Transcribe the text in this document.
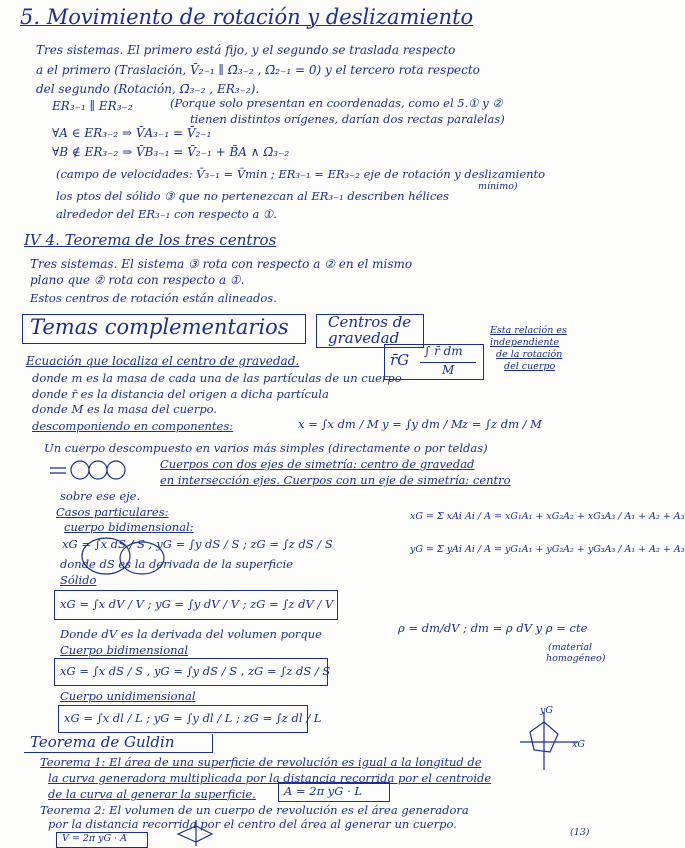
5. Movimiento de rotación y deslizamiento
Tres sistemas. El primero está fijo, y el segundo se traslada respecto
a el primero (Traslación, V̄₂₋₁ ∥ Ω̄₃₋₂ , Ω̄₂₋₁ = 0) y el tercero rota respecto
del segundo (Rotación, Ω̄₃₋₂ , ER₃₋₂).
ER₃₋₁ ∥ ER₃₋₂	(Porque solo presentan en coordenadas, como el 5.① y ②
tienen distintos orígenes, darían dos rectas paralelas)
∀A ∈ ER₃₋₂ ⇒ V̄A₃₋₁ = V̄₂₋₁
∀B ∉ ER₃₋₂ ⇒ V̄B₃₋₁ = V̄₂₋₁ + B̄A ∧ Ω̄₃₋₂
(campo de velocidades: V̄₃₋₁ = V̄min ; ER₃₋₁ = ER₃₋₂ eje de rotación y deslizamiento
mínimo)
los ptos del sólido ③ que no pertenezcan al ER₃₋₁ describen hélices
alrededor del ER₃₋₁ con respecto a ①.
IV 4. Teorema de los tres centros
Tres sistemas. El sistema ③ rota con respecto a ② en el mismo
plano que ② rota con respecto a ①.
Estos centros de rotación están alineados.
Temas complementarios	Centros de gravedad
r̄G ∫ r̄ dm
M
Esta relación es
independiente
de la rotación
del cuerpo
Ecuación que localiza el centro de gravedad.
donde m es la masa de cada una de las partículas de un cuerpo
donde r̄ es la distancia del origen a dicha partícula
donde M es la masa del cuerpo.
descomponiendo en componentes:	x = ∫x dm / M y = ∫y dm / M z = ∫z dm / M
Un cuerpo descompuesto en varios más simples (directamente o por teldas)
Cuerpos con dos ejes de simetría: centro de gravedad
en intersección ejes. Cuerpos con un eje de simetría: centro
sobre ese eje.
Casos particulares:
cuerpo bidimensional:
xG = ∫x dS / S ; yG = ∫y dS / S ; zG = ∫z dS / S
donde dS es la derivada de la superficie
Sólido
xG = ∫x dV / V ; yG = ∫y dV / V ; zG = ∫z dV / V
Donde dV es la derivada del volumen porque	ρ = dm/dV ; dm = ρ dV y ρ = cte
(material
homogéneo)
xG = Σ xAi Ai / A = xG₁A₁ + xG₂A₂ + xG₃A₃ / A₁ + A₂ + A₃
yG = Σ yAi Ai / A = yG₁A₁ + yG₂A₂ + yG₃A₃ / A₁ + A₂ + A₃
Cuerpo bidimensional
xG = ∫x dS / S , yG = ∫y dS / S , zG = ∫z dS / S
Cuerpo unidimensional
xG = ∫x dl / L ; yG = ∫y dl / L ; zG = ∫z dl / L
Teorema de Guldin
Teorema 1: El área de una superficie de revolución es igual a la longitud de
la curva generadora multiplicada por la distancia recorrida por el centroide
de la curva al generar la superficie. A = 2π yG · L
Teorema 2: El volumen de un cuerpo de revolución es el área generadora
por la distancia recorrida por el centro del área al generar un cuerpo.
V = 2π yG · A
yG
xG
(13)
